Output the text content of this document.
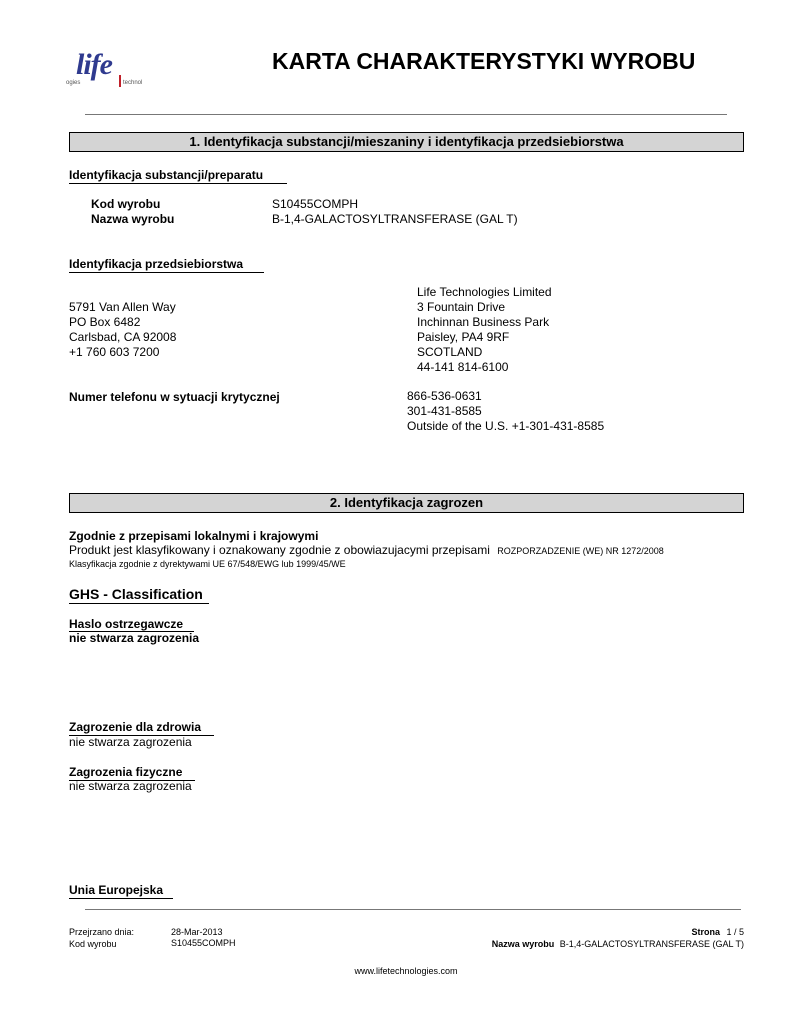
life
ogies	technol
KARTA CHARAKTERYSTYKI WYROBU
1. Identyfikacja substancji/mieszaniny i identyfikacja przedsiebiorstwa
Identyfikacja substancji/preparatu
Kod wyrobu	S10455COMPH
Nazwa wyrobu	B-1,4-GALACTOSYLTRANSFERASE (GAL T)
Identyfikacja przedsiebiorstwa
5791 Van Allen Way
PO Box 6482
Carlsbad, CA 92008
+1 760 603 7200
Life Technologies Limited
3 Fountain Drive
Inchinnan Business Park
Paisley, PA4 9RF
SCOTLAND
44-141 814-6100
Numer telefonu w sytuacji krytycznej	866-536-0631
301-431-8585
Outside of the U.S. +1-301-431-8585
2. Identyfikacja zagrozen
Zgodnie z przepisami lokalnymi i krajowymi
Produkt jest klasyfikowany i oznakowany zgodnie z obowiazujacymi przepisami ROZPORZADZENIE (WE) NR 1272/2008
Klasyfikacja zgodnie z dyrektywami UE 67/548/EWG lub 1999/45/WE
GHS - Classification
Haslo ostrzegawcze
nie stwarza zagrozenia
Zagrozenie dla zdrowia
nie stwarza zagrozenia
Zagrozenia fizyczne
nie stwarza zagrozenia
Unia Europejska
Przejrzano dnia:	28-Mar-2013
Kod wyrobu	S10455COMPH
Strona 1 / 5
Nazwa wyrobu B-1,4-GALACTOSYLTRANSFERASE (GAL T)
www.lifetechnologies.com
